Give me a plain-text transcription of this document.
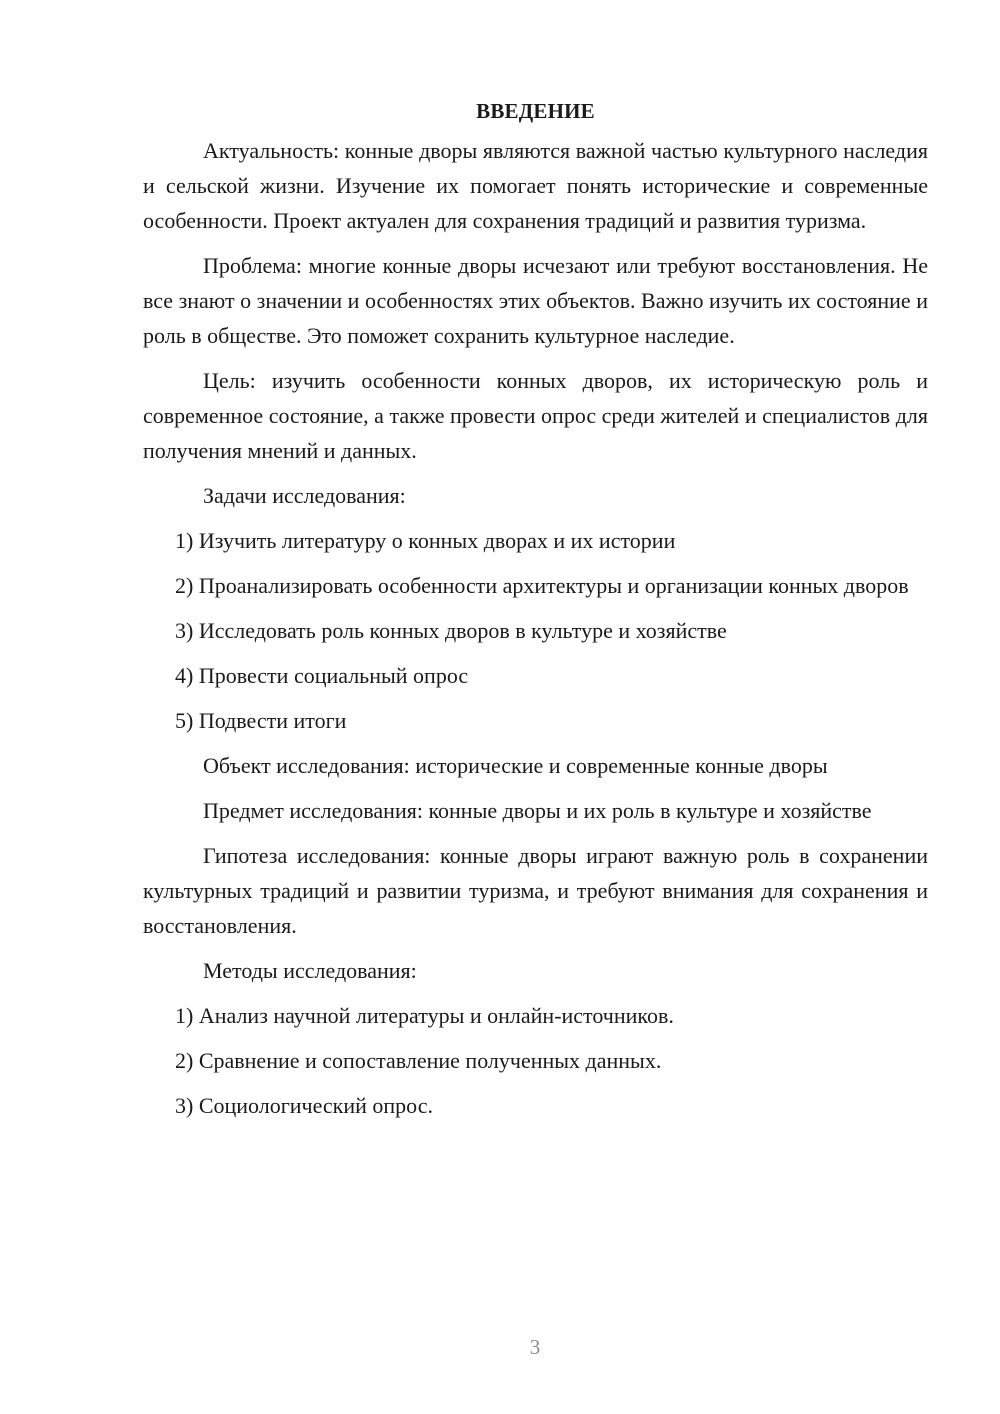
ВВЕДЕНИЕ

Актуальность: конные дворы являются важной частью культурного наследия и сельской жизни. Изучение их помогает понять исторические и современные особенности. Проект актуален для сохранения традиций и развития туризма.

Проблема: многие конные дворы исчезают или требуют восстановления. Не все знают о значении и особенностях этих объектов. Важно изучить их состояние и роль в обществе. Это поможет сохранить культурное наследие.

Цель: изучить особенности конных дворов, их историческую роль и современное состояние, а также провести опрос среди жителей и специалистов для получения мнений и данных.

Задачи исследования:

1) Изучить литературу о конных дворах и их истории

2) Проанализировать особенности архитектуры и организации конных дворов

3) Исследовать роль конных дворов в культуре и хозяйстве

4) Провести социальный опрос

5) Подвести итоги

Объект исследования: исторические и современные конные дворы

Предмет исследования: конные дворы и их роль в культуре и хозяйстве

Гипотеза исследования: конные дворы играют важную роль в сохранении культурных традиций и развитии туризма, и требуют внимания для сохранения и восстановления.

Методы исследования:

1) Анализ научной литературы и онлайн-источников.

2) Сравнение и сопоставление полученных данных.

3) Социологический опрос.

3
